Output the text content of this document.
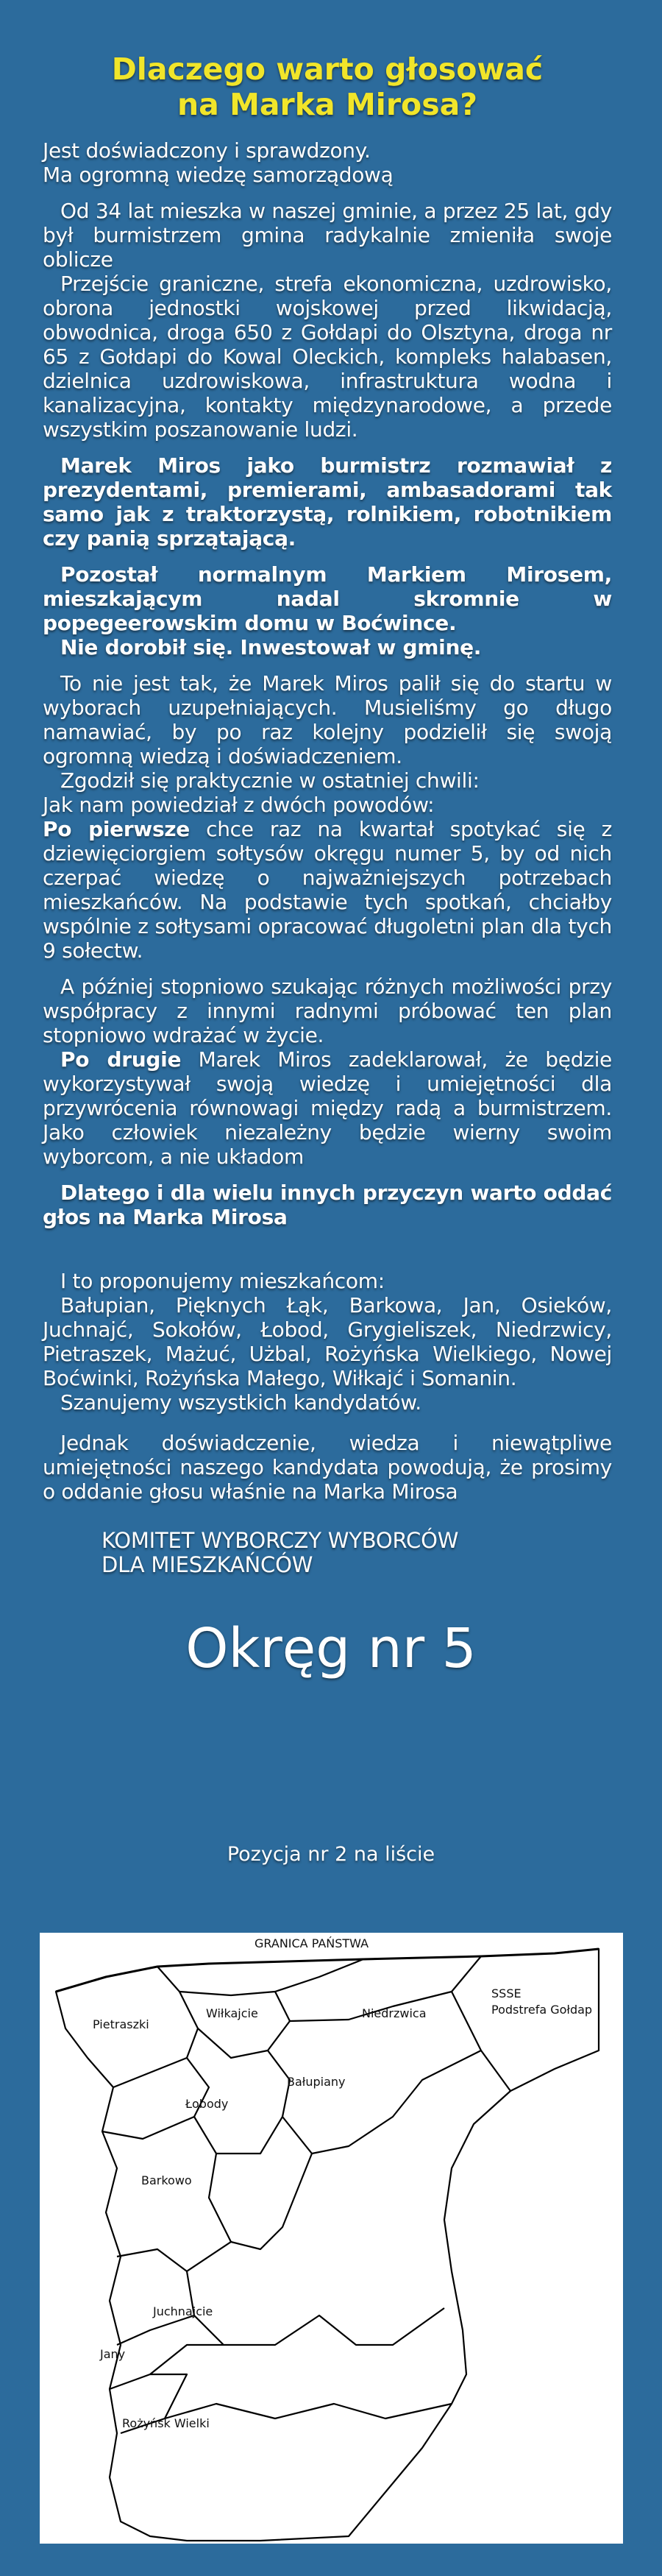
Dlaczego warto głosować
na Marka Mirosa?

Jest doświadczony i sprawdzony.

Ma ogromną wiedzę samorządową

Od 34 lat mieszka w naszej gminie, a przez 25 lat, gdy był burmistrzem gmina radykalnie zmieniła swoje oblicze

Przejście graniczne, strefa ekonomiczna, uzdrowisko, obrona jednostki wojskowej przed likwidacją, obwodnica, droga 650 z Gołdapi do Olsztyna, droga nr 65 z Gołdapi do Kowal Oleckich, kompleks halabasen, dzielnica uzdrowiskowa, infrastruktura wodna i kanalizacyjna, kontakty międzynarodowe, a przede wszystkim poszanowanie ludzi.

Marek Miros jako burmistrz rozmawiał z prezydentami, premierami, ambasadorami tak samo jak z traktorzystą, rolnikiem, robotnikiem czy panią sprzątającą.

Pozostał normalnym Markiem Mirosem, mieszkającym nadal skromnie w popegeerowskim domu w Boćwince.

Nie dorobił się. Inwestował w gminę.

To nie jest tak, że Marek Miros palił się do startu w wyborach uzupełniających. Musieliśmy go długo namawiać, by po raz kolejny podzielił się swoją ogromną wiedzą i doświadczeniem.

Zgodził się praktycznie w ostatniej chwili:

Jak nam powiedział z dwóch powodów:

Po pierwsze chce raz na kwartał spotykać się z dziewięciorgiem sołtysów okręgu numer 5, by od nich czerpać wiedzę o najważniejszych potrzebach mieszkańców. Na podstawie tych spotkań, chciałby wspólnie z sołtysami opracować długoletni plan dla tych 9 sołectw.

A później stopniowo szukając różnych możliwości przy współpracy z innymi radnymi próbować ten plan stopniowo wdrażać w życie.

Po drugie Marek Miros zadeklarował, że będzie wykorzystywał swoją wiedzę i umiejętności dla przywrócenia równowagi między radą a burmistrzem. Jako człowiek niezależny będzie wierny swoim wyborcom, a nie układom

Dlatego i dla wielu innych przyczyn warto oddać głos na Marka Mirosa

I to proponujemy mieszkańcom:

Bałupian, Pięknych Łąk, Barkowa, Jan, Osieków, Juchnajć, Sokołów, Łobod, Grygieliszek, Niedrzwicy, Pietraszek, Mażuć, Użbal, Rożyńska Wielkiego, Nowej Boćwinki, Rożyńska Małego, Wiłkajć i Somanin.

Szanujemy wszystkich kandydatów.

Jednak doświadczenie, wiedza i niewątpliwe umiejętności naszego kandydata powodują, że prosimy o oddanie głosu właśnie na Marka Mirosa

KOMITET WYBORCZY WYBORCÓW
DLA MIESZKAŃCÓW
Okręg nr 5
Pozycja nr 2 na liście
GRANICA PAŃSTWA
Pietraszki
Wiłkajcie	Niedrzwica
SSSE
Podstrefa Gołdap
Bałupiany
Łobody
Barkowo
Juchnajcie
Jany
Rożyńsk Wielki
